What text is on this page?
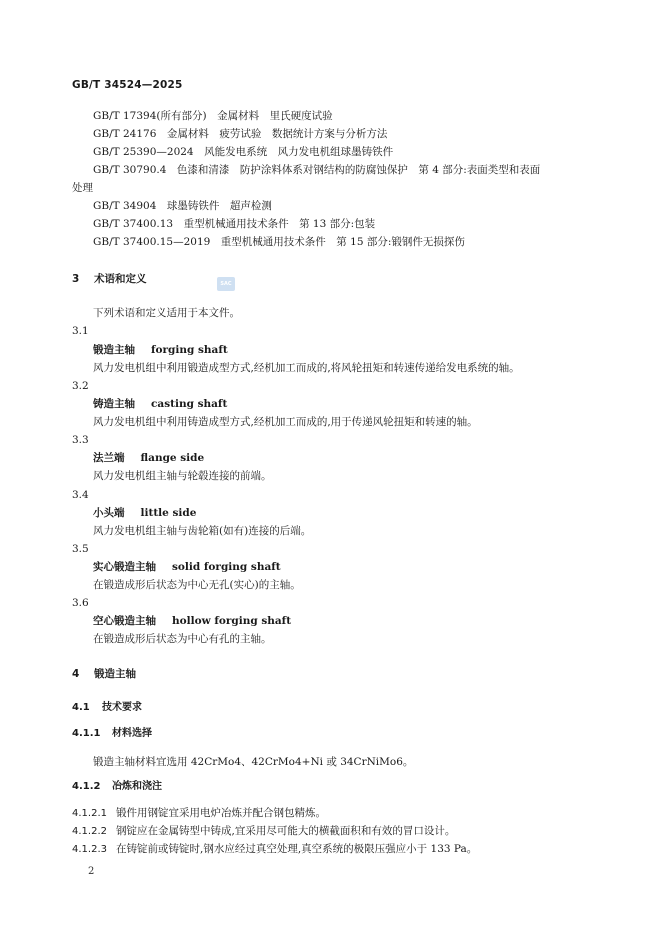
GB/T 34524—2025
GB/T 17394(所有部分)　金属材料　里氏硬度试验
GB/T 24176　金属材料　疲劳试验　数据统计方案与分析方法
GB/T 25390—2024　风能发电系统　风力发电机组球墨铸铁件
GB/T 30790.4　色漆和清漆　防护涂料体系对钢结构的防腐蚀保护　第 4 部分:表面类型和表面
处理
GB/T 34904　球墨铸铁件　超声检测
GB/T 37400.13　重型机械通用技术条件　第 13 部分:包装
GB/T 37400.15—2019　重型机械通用技术条件　第 15 部分:锻钢件无损探伤
3 术语和定义	SAC
下列术语和定义适用于本文件。
3.1
锻造主轴 forging shaft
风力发电机组中利用锻造成型方式,经机加工而成的,将风轮扭矩和转速传递给发电系统的轴。
3.2
铸造主轴 casting shaft
风力发电机组中利用铸造成型方式,经机加工而成的,用于传递风轮扭矩和转速的轴。
3.3
法兰端 flange side
风力发电机组主轴与轮毂连接的前端。
3.4
小头端 little side
风力发电机组主轴与齿轮箱(如有)连接的后端。
3.5
实心锻造主轴 solid forging shaft
在锻造成形后状态为中心无孔(实心)的主轴。
3.6
空心锻造主轴 hollow forging shaft
在锻造成形后状态为中心有孔的主轴。
4 锻造主轴
4.1 技术要求
4.1.1 材料选择
锻造主轴材料宜选用 42CrMo4、42CrMo4+Ni 或 34CrNiMo6。
4.1.2 冶炼和浇注
4.1.2.1 锻件用钢锭宜采用电炉冶炼并配合钢包精炼。
4.1.2.2 钢锭应在金属铸型中铸成,宜采用尽可能大的横截面积和有效的冒口设计。
4.1.2.3 在铸锭前或铸锭时,钢水应经过真空处理,真空系统的极限压强应小于 133 Pa。
2
